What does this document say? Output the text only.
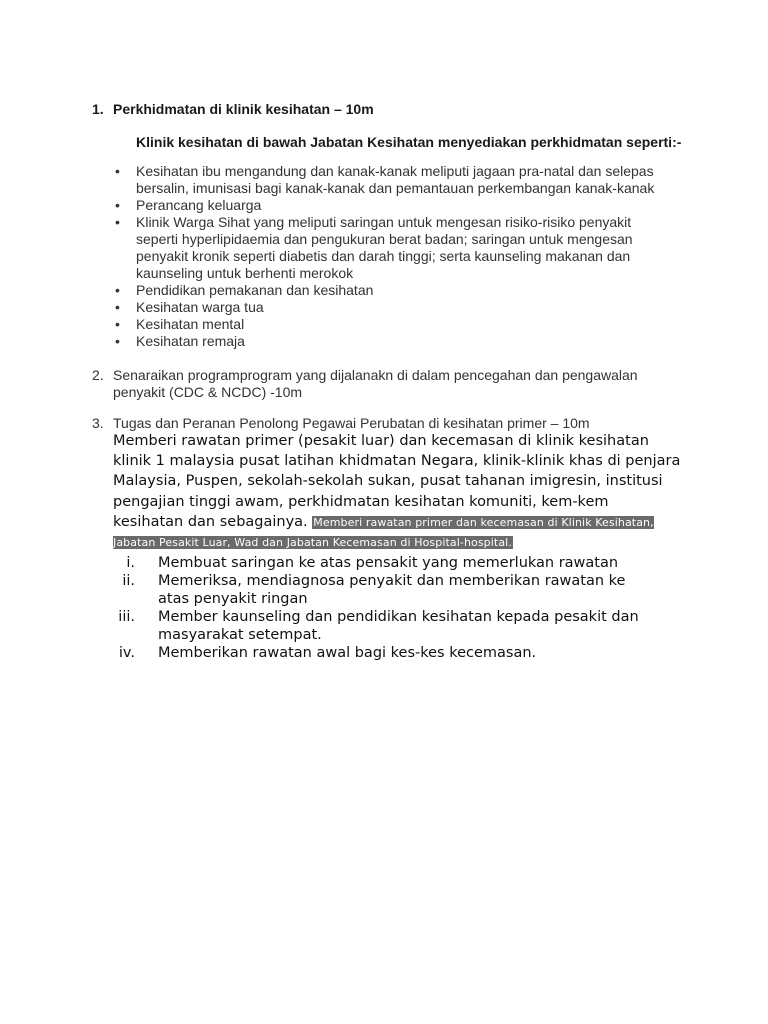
1. Perkhidmatan di klinik kesihatan – 10m
Klinik kesihatan di bawah Jabatan Kesihatan menyediakan perkhidmatan seperti:-
• Kesihatan ibu mengandung dan kanak-kanak meliputi jagaan pra-natal dan selepas bersalin, imunisasi bagi kanak-kanak dan pemantauan perkembangan kanak-kanak
• Perancang keluarga
• Klinik Warga Sihat yang meliputi saringan untuk mengesan risiko-risiko penyakit seperti hyperlipidaemia dan pengukuran berat badan; saringan untuk mengesan penyakit kronik seperti diabetis dan darah tinggi; serta kaunseling makanan dan kaunseling untuk berhenti merokok
• Pendidikan pemakanan dan kesihatan
• Kesihatan warga tua
• Kesihatan mental
• Kesihatan remaja
2. Senaraikan programprogram yang dijalanakn di dalam pencegahan dan pengawalan penyakit (CDC & NCDC) -10m
3. Tugas dan Peranan Penolong Pegawai Perubatan di kesihatan primer – 10m
Memberi rawatan primer (pesakit luar) dan kecemasan di klinik kesihatan klinik 1 malaysia pusat latihan khidmatan Negara, klinik-klinik khas di penjara Malaysia, Puspen, sekolah-sekolah sukan, pusat tahanan imigresin, institusi pengajian tinggi awam, perkhidmatan kesihatan komuniti, kem-kem kesihatan dan sebagainya. Memberi rawatan primer dan kecemasan di Klinik Kesihatan, Jabatan Pesakit Luar, Wad dan Jabatan Kecemasan di Hospital-hospital.
i. Membuat saringan ke atas pensakit yang memerlukan rawatan
ii. Memeriksa, mendiagnosa penyakit dan memberikan rawatan ke atas penyakit ringan
iii. Member kaunseling dan pendidikan kesihatan kepada pesakit dan masyarakat setempat.
iv. Memberikan rawatan awal bagi kes-kes kecemasan.
